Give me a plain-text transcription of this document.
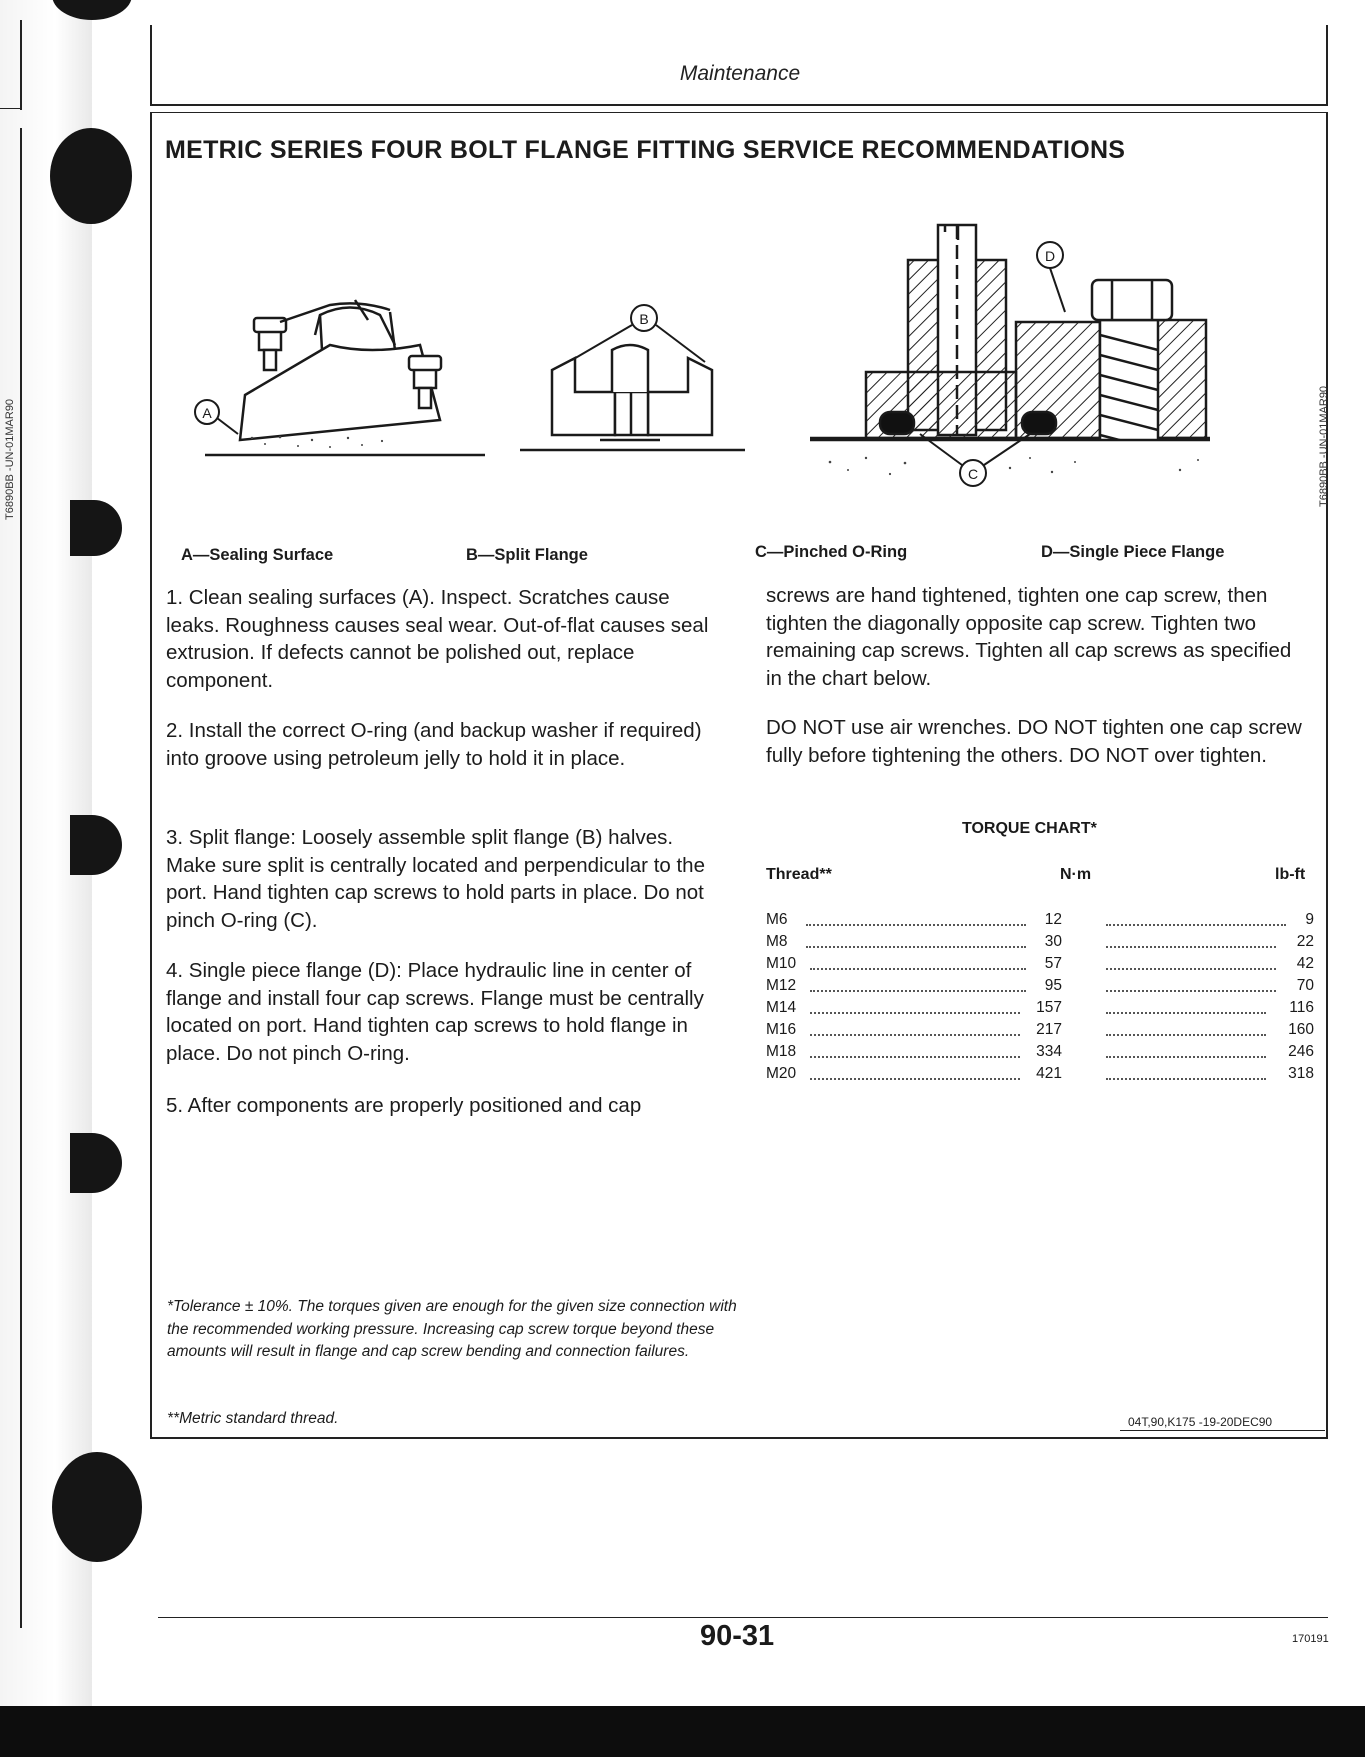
Maintenance
METRIC SERIES FOUR BOLT FLANGE FITTING SERVICE RECOMMENDATIONS
T6890BB -UN-01MAR90	T6890BB -UN-01MAR90
A
B
C
D
A—Sealing Surface	B—Split Flange	C—Pinched O-Ring	D—Single Piece Flange

1. Clean sealing surfaces (A). Inspect. Scratches cause leaks. Roughness causes seal wear. Out-of-flat causes seal extrusion. If defects cannot be polished out, replace component.

2. Install the correct O-ring (and backup washer if required) into groove using petroleum jelly to hold it in place.

3. Split flange: Loosely assemble split flange (B) halves. Make sure split is centrally located and perpendicular to the port. Hand tighten cap screws to hold parts in place. Do not pinch O-ring (C).

4. Single piece flange (D): Place hydraulic line in center of flange and install four cap screws. Flange must be centrally located on port. Hand tighten cap screws to hold flange in place. Do not pinch O-ring.

5. After components are properly positioned and cap

screws are hand tightened, tighten one cap screw, then tighten the diagonally opposite cap screw. Tighten two remaining cap screws. Tighten all cap screws as specified in the chart below.

DO NOT use air wrenches. DO NOT tighten one cap screw fully before tightening the others. DO NOT over tighten.

TORQUE CHART*
Thread**	N·m	lb-ft
M6	12	9
M8	30	22
M10	57	42
M12	95	70
M14	157	116
M16	217	160
M18	334	246
M20	421	318

*Tolerance ± 10%. The torques given are enough for the given size connection with the recommended working pressure. Increasing cap screw torque beyond these amounts will result in flange and cap screw bending and connection failures.

**Metric standard thread.	04T,90,K175 -19-20DEC90
90-31	170191
